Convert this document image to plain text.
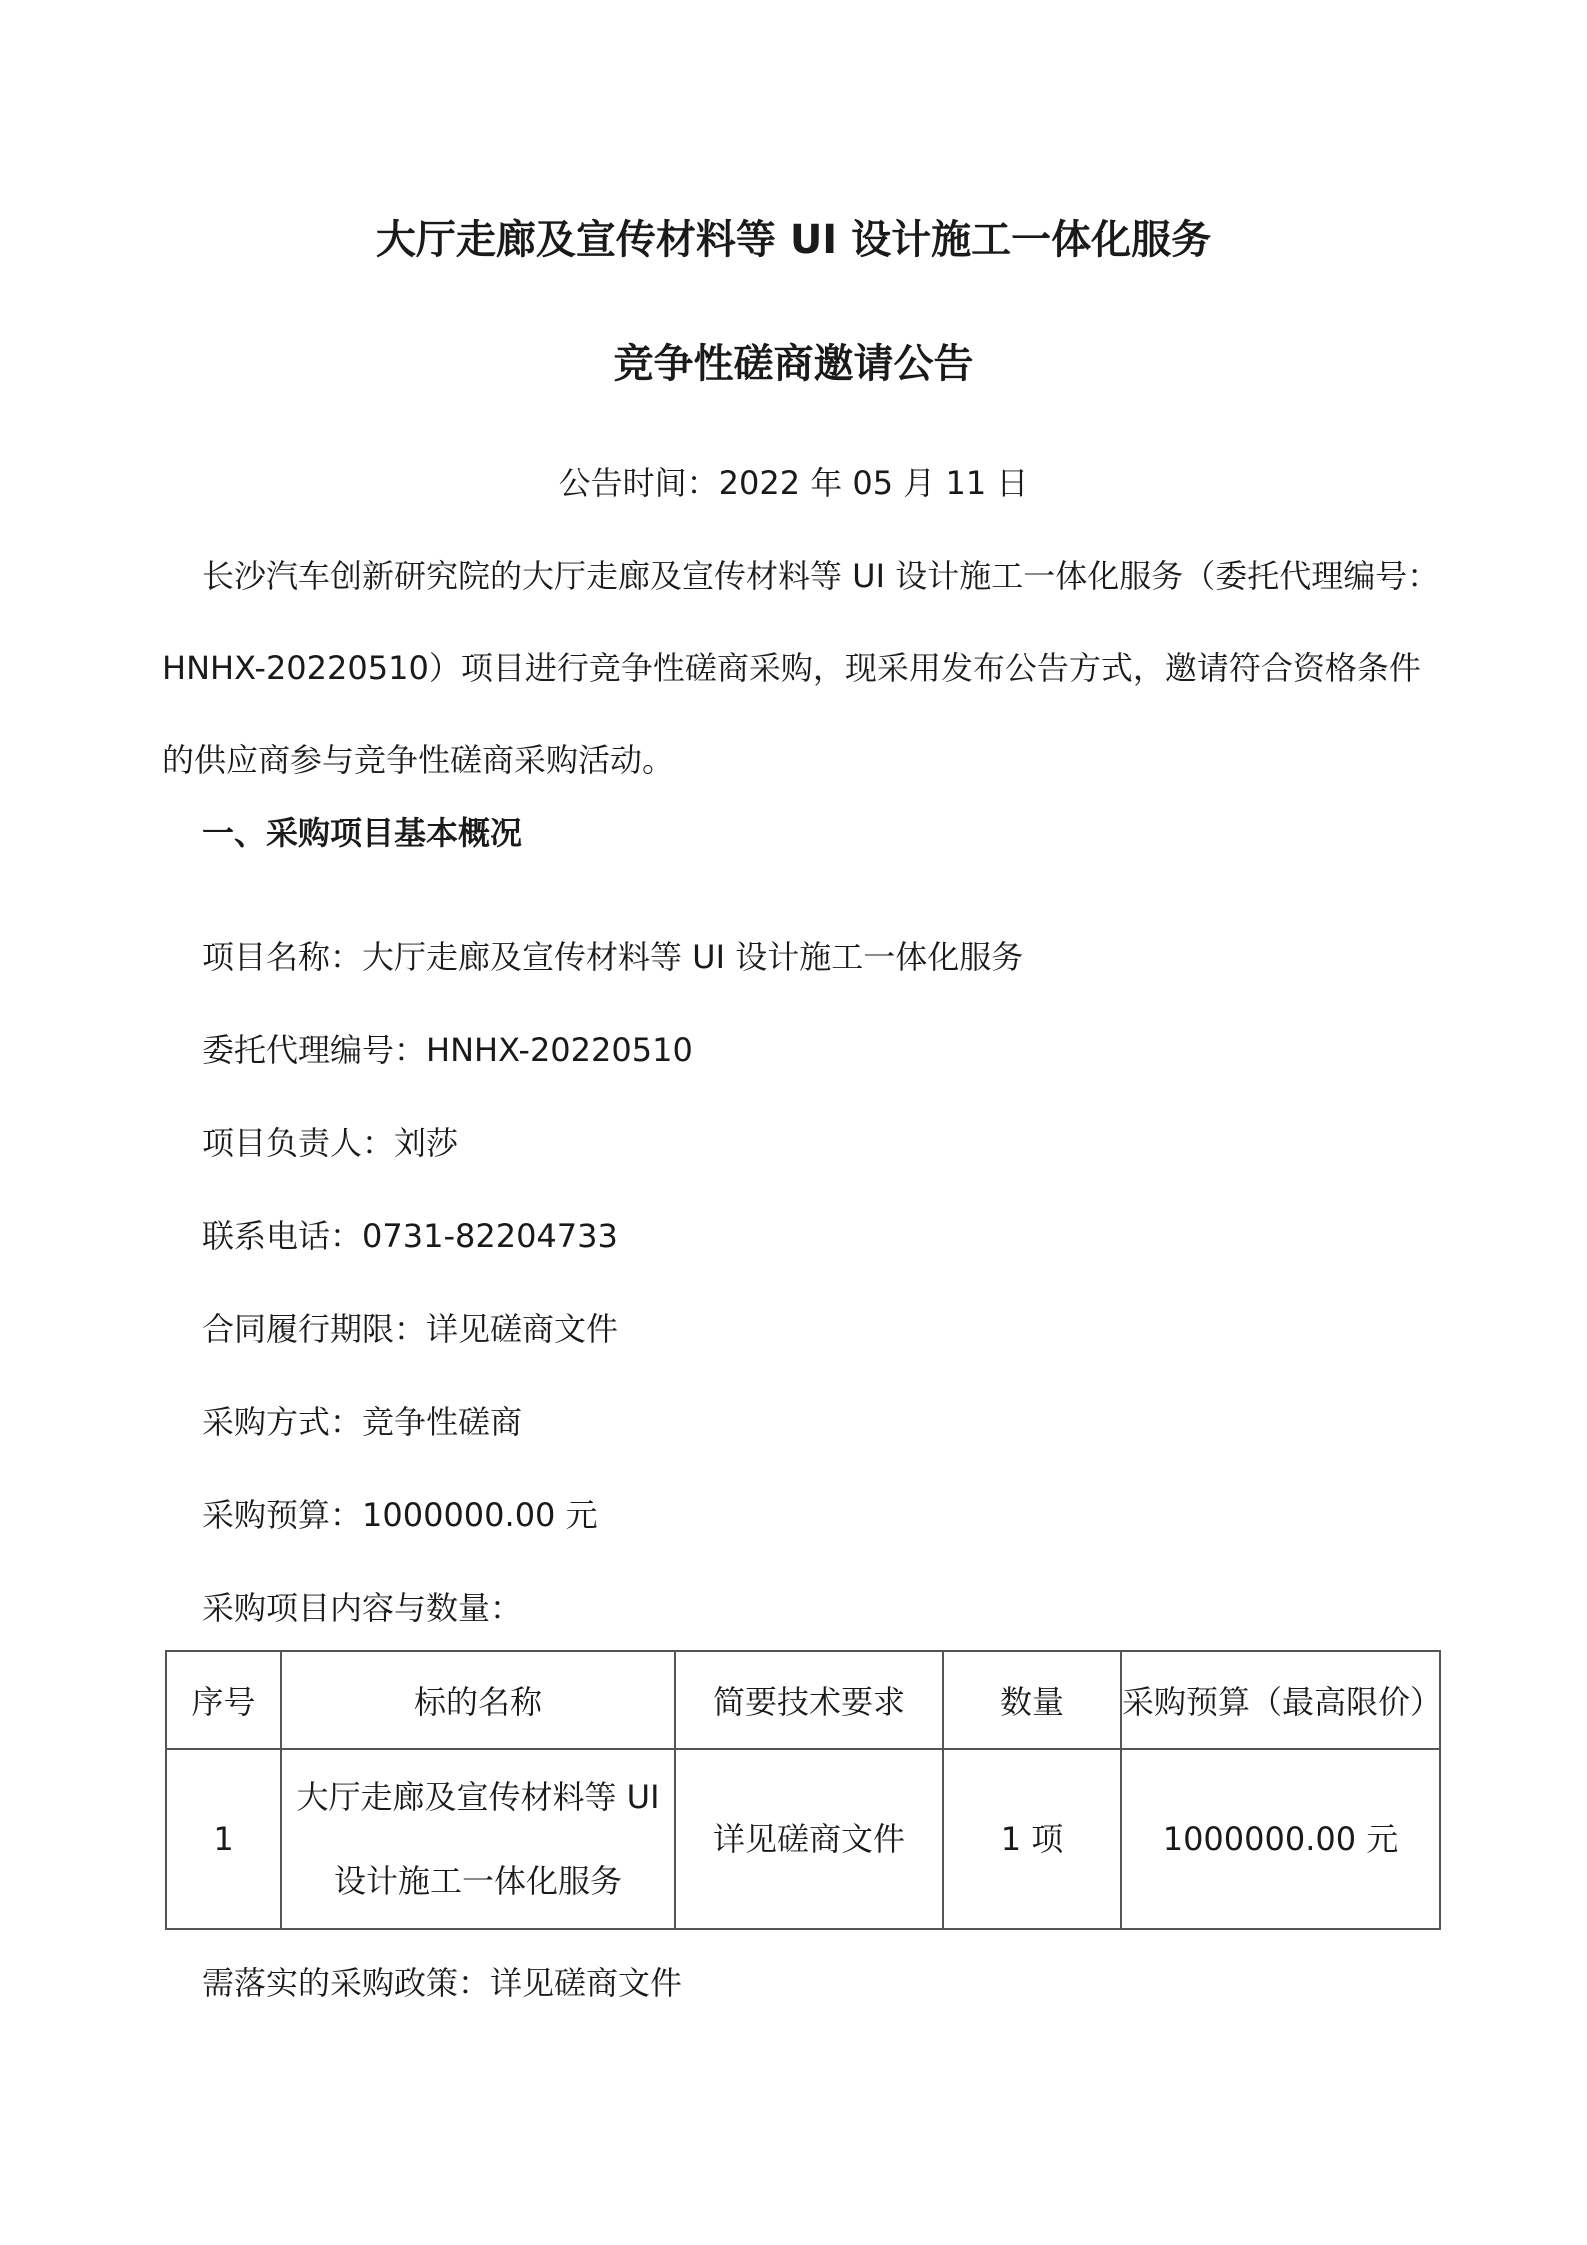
大厅走廊及宣传材料等 UI 设计施工一体化服务
竞争性磋商邀请公告
公告时间：2022 年 05 月 11 日
长沙汽车创新研究院的大厅走廊及宣传材料等 UI 设计施工一体化服务（委托代理编号：HNHX-20220510）项目进行竞争性磋商采购，现采用发布公告方式，邀请符合资格条件的供应商参与竞争性磋商采购活动。
一、采购项目基本概况
项目名称：大厅走廊及宣传材料等 UI 设计施工一体化服务
委托代理编号：HNHX-20220510
项目负责人：刘莎
联系电话：0731-82204733
合同履行期限：详见磋商文件
采购方式：竞争性磋商
采购预算：1000000.00 元
采购项目内容与数量：
序号	标的名称	简要技术要求	数量	采购预算（最高限价）
1	大厅走廊及宣传材料等 UI 设计施工一体化服务	详见磋商文件	1 项	1000000.00 元
需落实的采购政策：详见磋商文件
